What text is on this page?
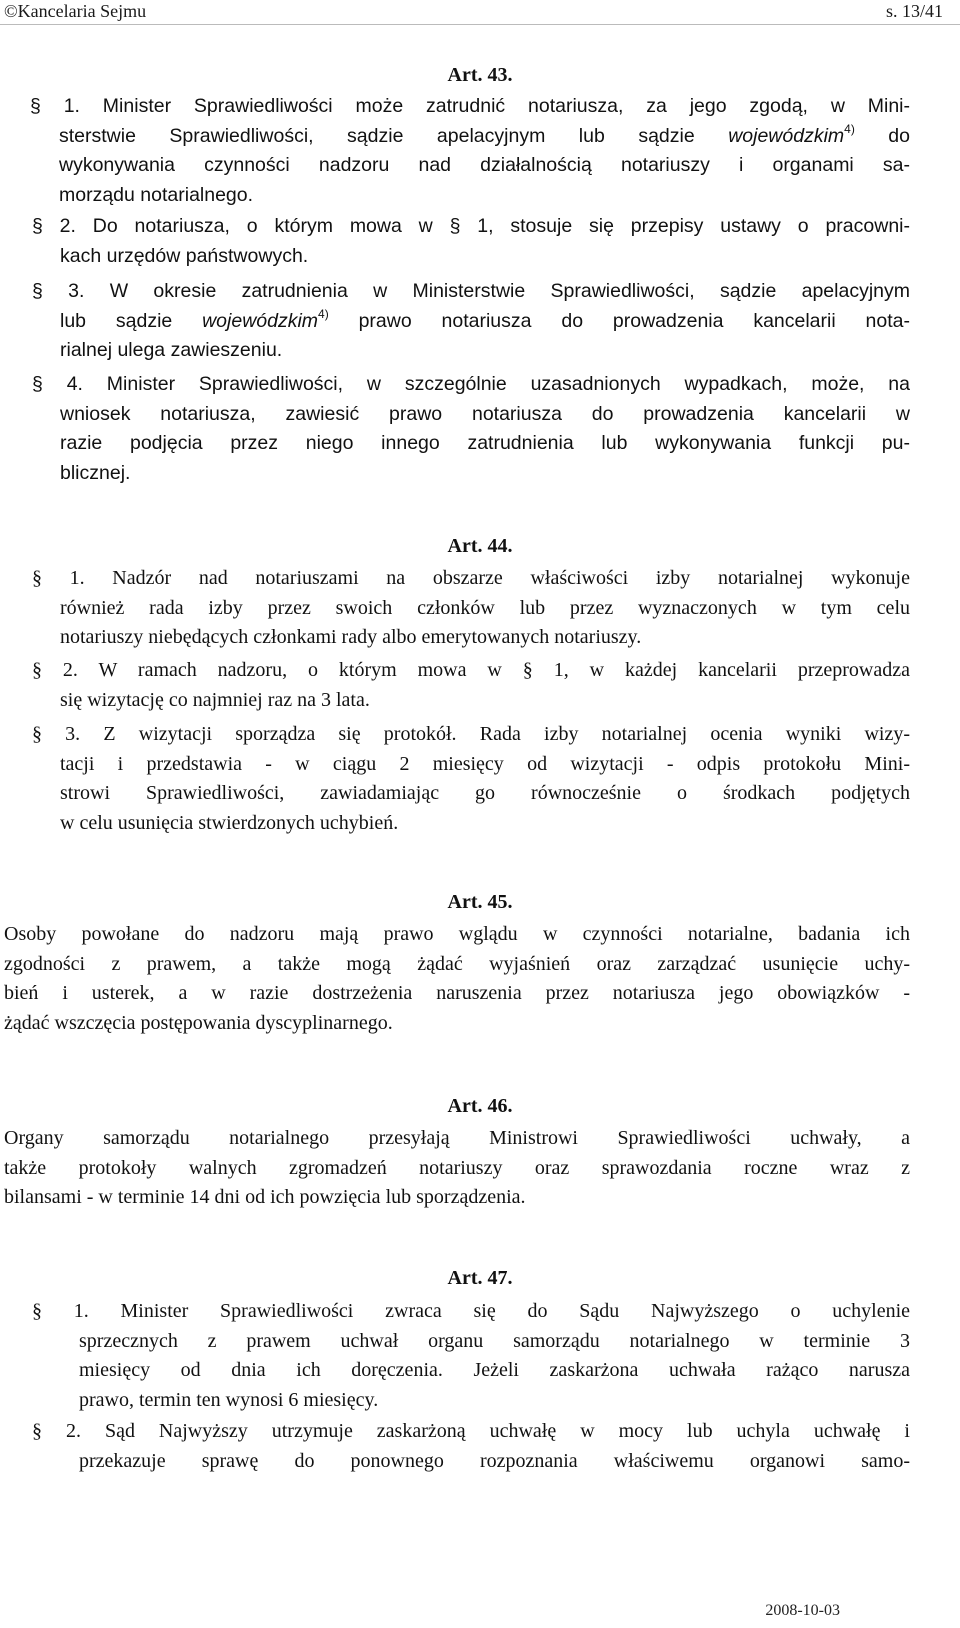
©Kancelaria Sejmu	s. 13/41
Art. 43.
§ 1. Minister Sprawiedliwości może zatrudnić notariusza, za jego zgodą, w Mini-
sterstwie Sprawiedliwości, sądzie apelacyjnym lub sądzie wojewódzkim$^{4)}$ do
wykonywania czynności nadzoru nad działalnością notariuszy i organami sa-
morządu notarialnego.
§ 2. Do notariusza, o którym mowa w § 1, stosuje się przepisy ustawy o pracowni-
kach urzędów państwowych.
§ 3. W okresie zatrudnienia w Ministerstwie Sprawiedliwości, sądzie apelacyjnym
lub sądzie wojewódzkim$^{4)}$ prawo notariusza do prowadzenia kancelarii nota-
rialnej ulega zawieszeniu.
§ 4. Minister Sprawiedliwości, w szczególnie uzasadnionych wypadkach, może, na
wniosek notariusza, zawiesić prawo notariusza do prowadzenia kancelarii w
razie podjęcia przez niego innego zatrudnienia lub wykonywania funkcji pu-
blicznej.
Art. 44.
§ 1. Nadzór nad notariuszami na obszarze właściwości izby notarialnej wykonuje
również rada izby przez swoich członków lub przez wyznaczonych w tym celu
notariuszy niebędących członkami rady albo emerytowanych notariuszy.
§ 2. W ramach nadzoru, o którym mowa w § 1, w każdej kancelarii przeprowadza
się wizytację co najmniej raz na 3 lata.
§ 3. Z wizytacji sporządza się protokół. Rada izby notarialnej ocenia wyniki wizy-
tacji i przedstawia - w ciągu 2 miesięcy od wizytacji - odpis protokołu Mini-
strowi Sprawiedliwości, zawiadamiając go równocześnie o środkach podjętych
w celu usunięcia stwierdzonych uchybień.
Art. 45.
Osoby powołane do nadzoru mają prawo wglądu w czynności notarialne, badania ich
zgodności z prawem, a także mogą żądać wyjaśnień oraz zarządzać usunięcie uchy-
bień i usterek, a w razie dostrzeżenia naruszenia przez notariusza jego obowiązków -
żądać wszczęcia postępowania dyscyplinarnego.
Art. 46.
Organy samorządu notarialnego przesyłają Ministrowi Sprawiedliwości uchwały, a
także protokoły walnych zgromadzeń notariuszy oraz sprawozdania roczne wraz z
bilansami - w terminie 14 dni od ich powzięcia lub sporządzenia.
Art. 47.
§ 1. Minister Sprawiedliwości zwraca się do Sądu Najwyższego o uchylenie
sprzecznych z prawem uchwał organu samorządu notarialnego w terminie 3
miesięcy od dnia ich doręczenia. Jeżeli zaskarżona uchwała rażąco narusza
prawo, termin ten wynosi 6 miesięcy.
§ 2. Sąd Najwyższy utrzymuje zaskarżoną uchwałę w mocy lub uchyla uchwałę i
przekazuje sprawę do ponownego rozpoznania właściwemu organowi samo-
2008-10-03
